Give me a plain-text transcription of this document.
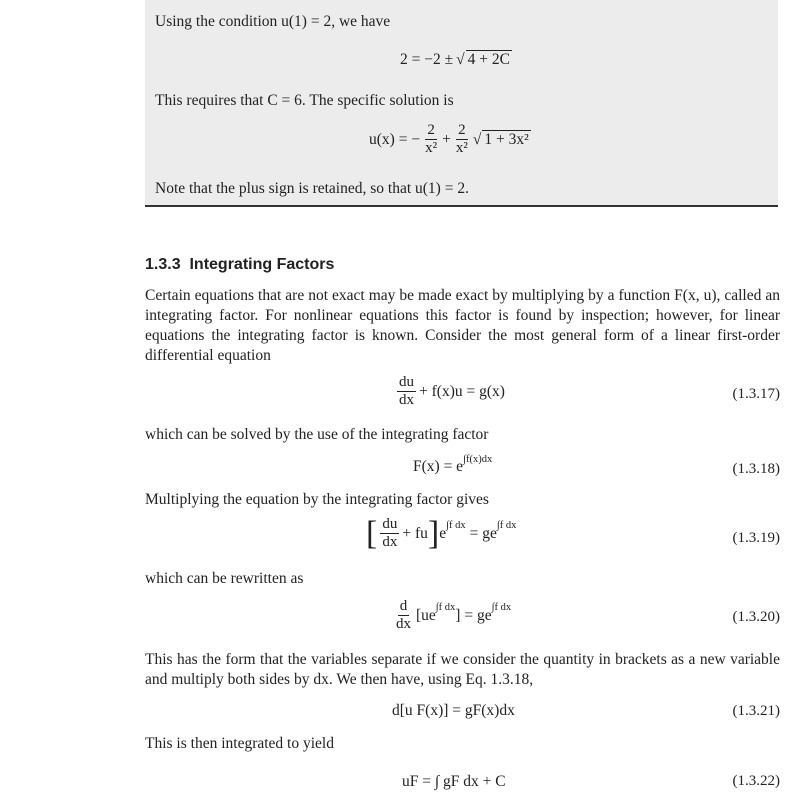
Using the condition u(1) = 2, we have
2 = −2 ± √ 4 + 2C
This requires that C = 6. The specific solution is
u(x) = − $\frac{2}{\text{x²}} + \frac{2}{\text{x²}}$ √ 1 + 3x²
Note that the plus sign is retained, so that u(1) = 2.
1.3.3 Integrating Factors
Certain equations that are not exact may be made exact by multiplying by a function F(x, u), called an integrating factor. For nonlinear equations this factor is found by inspection; however, for linear equations the integrating factor is known. Consider the most general form of a linear first-order differential equation
$\frac{du}{dx} + f(x)u = g(x)$	(1.3.17)
which can be solved by the use of the integrating factor
F(x) = e ∫f(x)dx
(1.3.18)
Multiplying the equation by the integrating factor gives
[ $\frac{du}{dx}$ + fu ] e ∫f dx = ge ∫f dx
(1.3.19)
which can be rewritten as
$\frac{d}{dx} [ue$ ∫f dx ] = ge ∫f dx
(1.3.20)
This has the form that the variables separate if we consider the quantity in brackets as a new variable and multiply both sides by dx. We then have, using Eq. 1.3.18,
d[u F(x)] = gF(x)dx	(1.3.21)
This is then integrated to yield
uF = ∫ gF dx + C	(1.3.22)
